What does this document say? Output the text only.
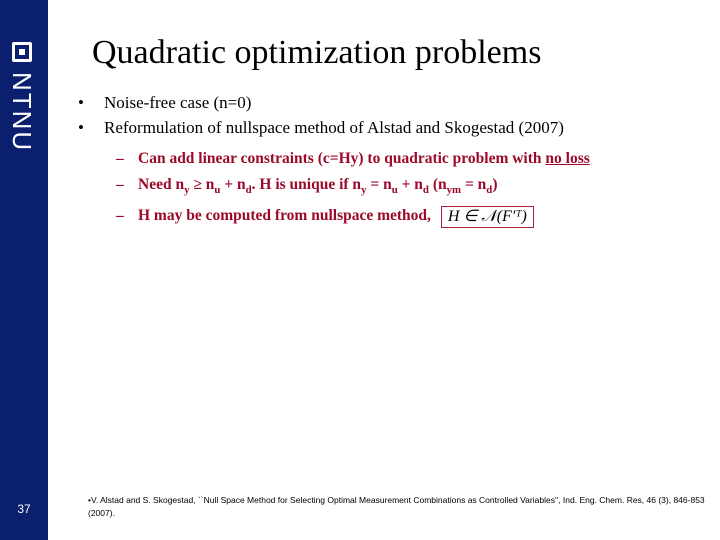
NTNU
37
Quadratic optimization problems
• Noise-free case (n=0)
• Reformulation of nullspace method of Alstad and Skogestad (2007)
– Can add linear constraints (c=Hy) to quadratic problem with no loss
– Need $n_y \ge n_u + n_d$. H is unique if $n_y = n_u + n_d$ $(n_{ym} = n_d)$
– H may be computed from nullspace method, H ∈ 𝒩(F′ᵀ)
•V. Alstad and S. Skogestad, ``Null Space Method for Selecting Optimal Measurement Combinations as Controlled Variables'', Ind. Eng. Chem. Res, 46 (3), 846-853 (2007).
